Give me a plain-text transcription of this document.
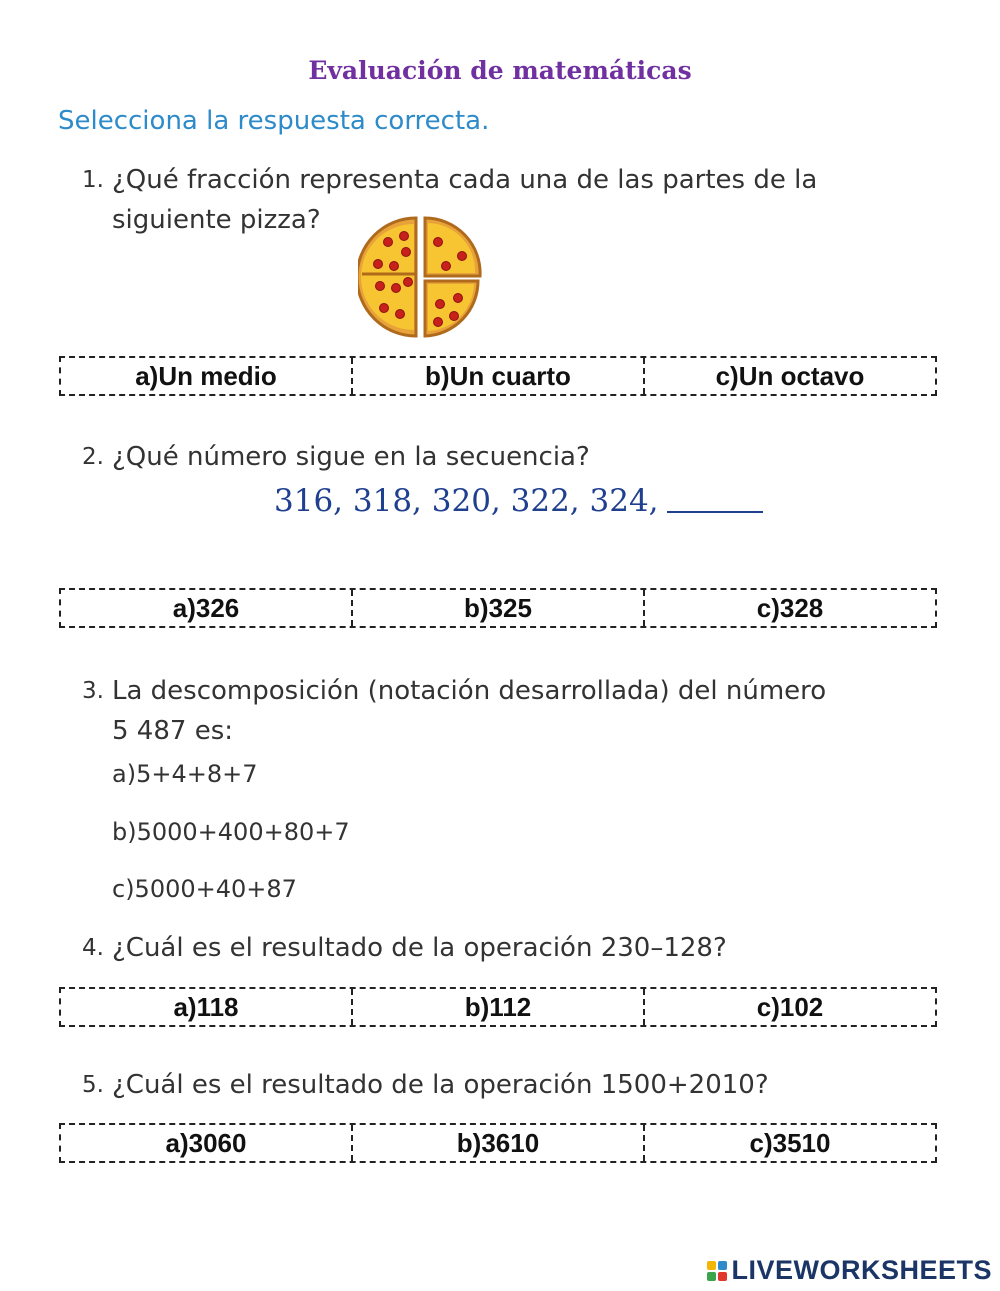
Evaluación de matemáticas
Selecciona la respuesta correcta.
1. ¿Qué fracción representa cada una de las partes de la
siguiente pizza?
a)Un medio	b)Un cuarto	c)Un octavo
2. ¿Qué número sigue en la secuencia?
316, 318, 320, 322, 324,
a)326	b)325	c)328
3. La descomposición (notación desarrollada) del número
5 487 es:
a)5+4+8+7
b)5000+400+80+7
c)5000+40+87
4. ¿Cuál es el resultado de la operación 230–128?
a)118	b)112	c)102
5. ¿Cuál es el resultado de la operación 1500+2010?
a)3060	b)3610	c)3510
LIVEWORKSHEETS
